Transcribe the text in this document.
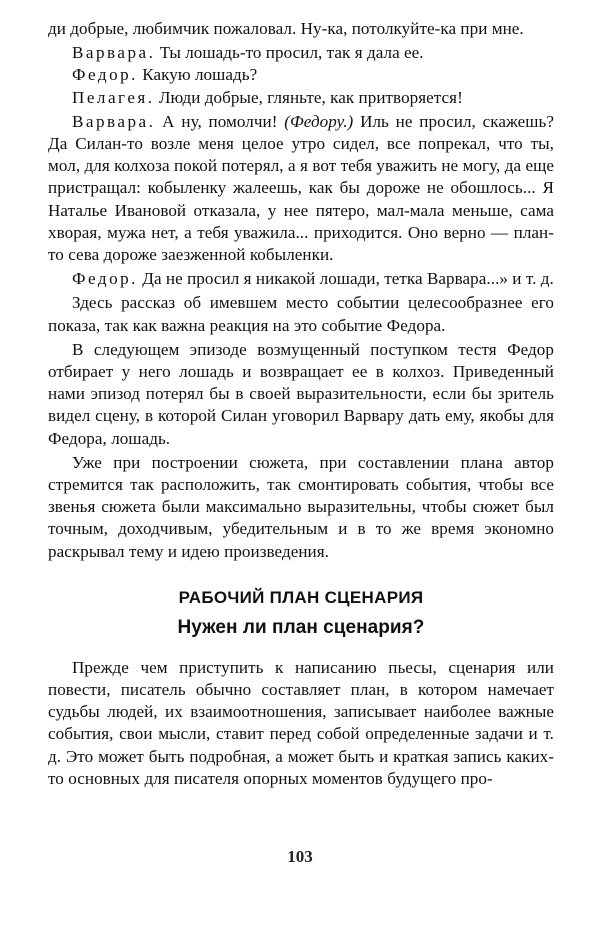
ди добрые, любимчик пожаловал. Ну-ка, потолкуйте-ка при мне.

Варвара. Ты лошадь-то просил, так я дала ее.

Федор. Какую лошадь?

Пелагея. Люди добрые, гляньте, как притворяется!

Варвара. А ну, помолчи! (Федору.) Иль не просил, скажешь? Да Силан-то возле меня целое утро сидел, все попрекал, что ты, мол, для колхоза покой потерял, а я вот тебя уважить не могу, да еще пристращал: кобыленку жалеешь, как бы дороже не обошлось... Я Наталье Ивановой отказала, у нее пятеро, мал-мала меньше, сама хворая, мужа нет, а тебя уважила... приходится. Оно верно — план-то сева дороже заезженной кобыленки.

Федор. Да не просил я никакой лошади, тетка Варвара...» и т. д.

Здесь рассказ об имевшем место событии целесообразнее его показа, так как важна реакция на это событие Федора.

В следующем эпизоде возмущенный поступком тестя Федор отбирает у него лошадь и возвращает ее в колхоз. Приведенный нами эпизод потерял бы в своей выразительности, если бы зритель видел сцену, в которой Силан уговорил Варвару дать ему, якобы для Федора, лошадь.

Уже при построении сюжета, при составлении плана автор стремится так расположить, так смонтировать события, чтобы все звенья сюжета были максимально выразительны, чтобы сюжет был точным, доходчивым, убедительным и в то же время экономно раскрывал тему и идею произведения.

РАБОЧИЙ ПЛАН СЦЕНАРИЯ
Нужен ли план сценария?

Прежде чем приступить к написанию пьесы, сценария или повести, писатель обычно составляет план, в котором намечает судьбы людей, их взаимоотношения, записывает наиболее важные события, свои мысли, ставит перед собой определенные задачи и т. д. Это может быть подробная, а может быть и краткая запись каких-то основных для писателя опорных моментов будущего про-

103
